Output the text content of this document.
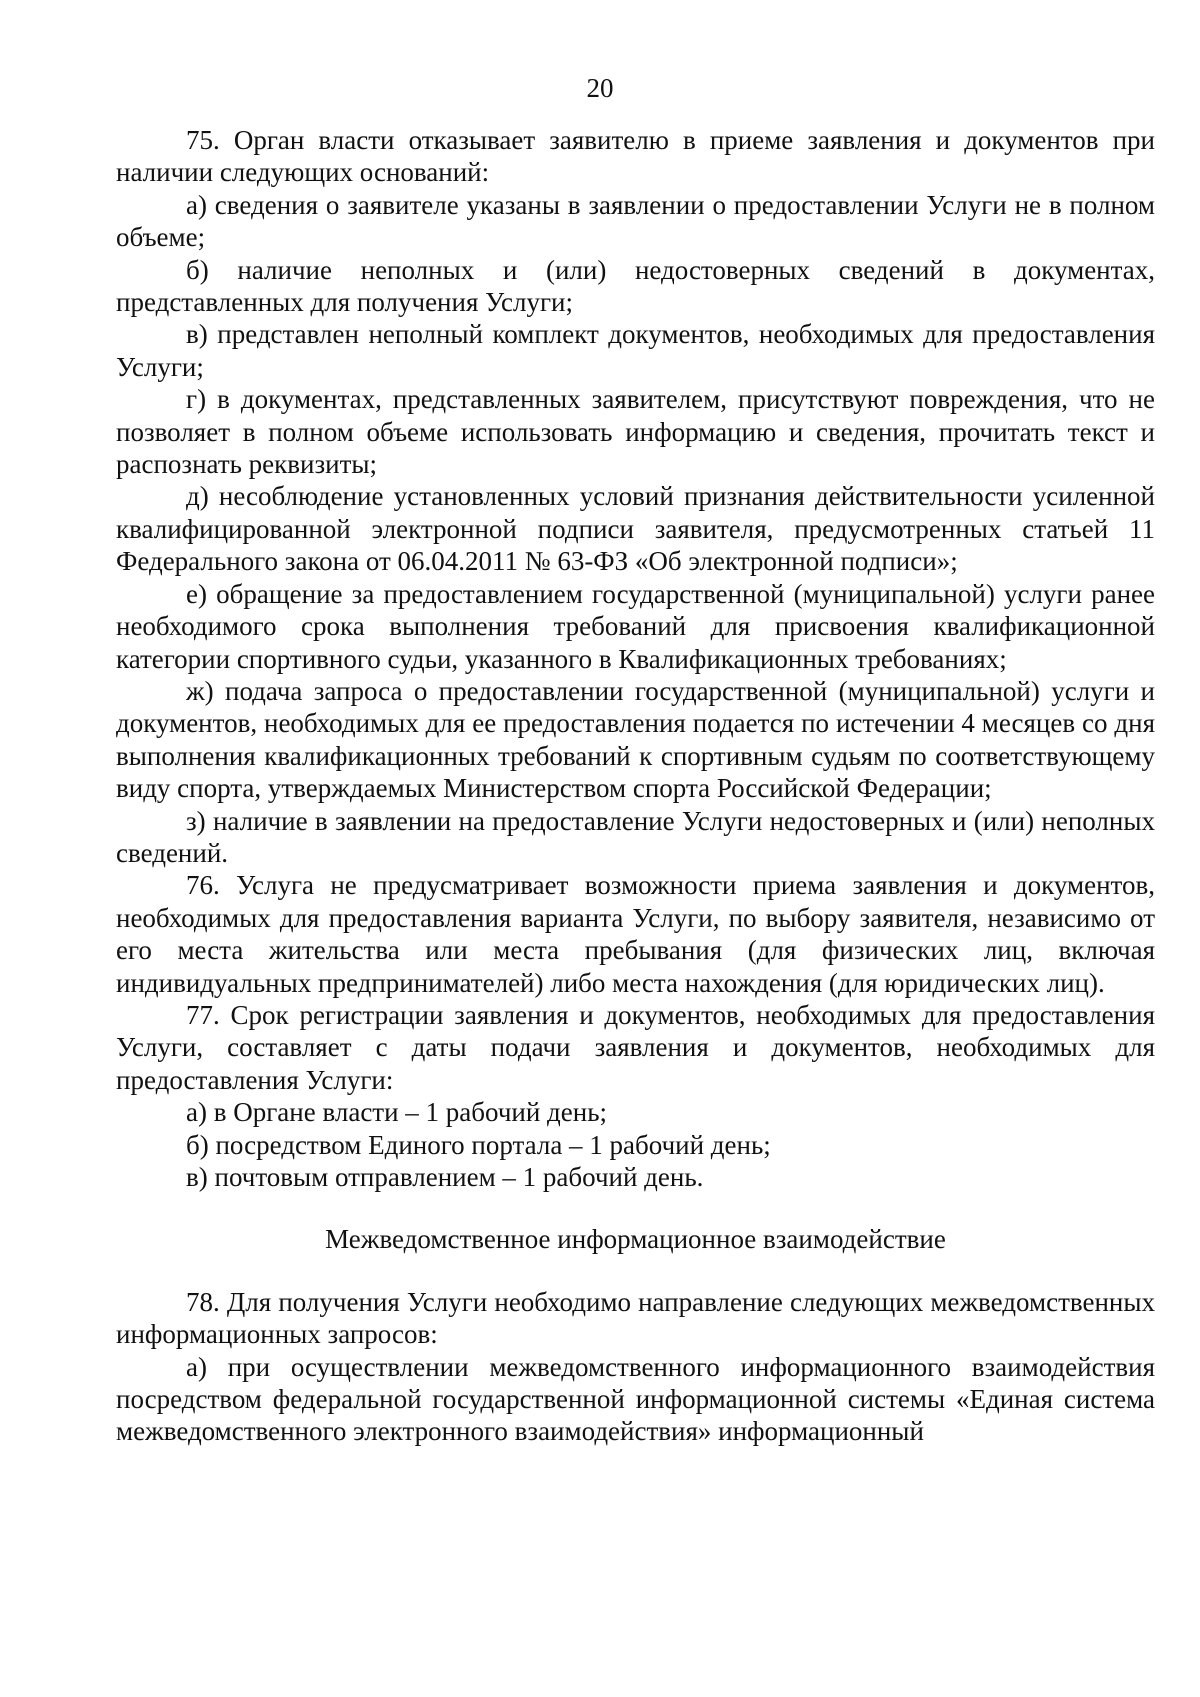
20

75. Орган власти отказывает заявителю в приеме заявления и документов при наличии следующих оснований:

а) сведения о заявителе указаны в заявлении о предоставлении Услуги не в полном объеме;

б) наличие неполных и (или) недостоверных сведений в документах, представленных для получения Услуги;

в) представлен неполный комплект документов, необходимых для предоставления Услуги;

г) в документах, представленных заявителем, присутствуют повреждения, что не позволяет в полном объеме использовать информацию и сведения, прочитать текст и распознать реквизиты;

д) несоблюдение установленных условий признания действительности усиленной квалифицированной электронной подписи заявителя, предусмотренных статьей 11 Федерального закона от 06.04.2011 № 63-ФЗ «Об электронной подписи»;

е) обращение за предоставлением государственной (муниципальной) услуги ранее необходимого срока выполнения требований для присвоения квалификационной категории спортивного судьи, указанного в Квалификационных требованиях;

ж) подача запроса о предоставлении государственной (муниципальной) услуги и документов, необходимых для ее предоставления подается по истечении 4 месяцев со дня выполнения квалификационных требований к спортивным судьям по соответствующему виду спорта, утверждаемых Министерством спорта Российской Федерации;

з) наличие в заявлении на предоставление Услуги недостоверных и (или) неполных сведений.

76. Услуга не предусматривает возможности приема заявления и документов, необходимых для предоставления варианта Услуги, по выбору заявителя, независимо от его места жительства или места пребывания (для физических лиц, включая индивидуальных предпринимателей) либо места нахождения (для юридических лиц).

77. Срок регистрации заявления и документов, необходимых для предоставления Услуги, составляет с даты подачи заявления и документов, необходимых для предоставления Услуги:

а) в Органе власти – 1 рабочий день;

б) посредством Единого портала – 1 рабочий день;

в) почтовым отправлением – 1 рабочий день.

Межведомственное информационное взаимодействие

78. Для получения Услуги необходимо направление следующих межведомственных информационных запросов:

а) при осуществлении межведомственного информационного взаимодействия посредством федеральной государственной информационной системы «Единая система межведомственного электронного взаимодействия» информационный
